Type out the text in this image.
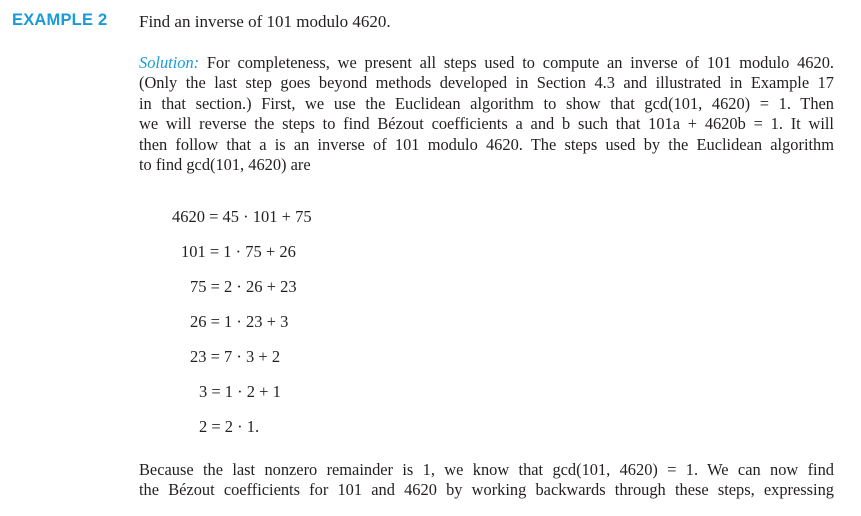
EXAMPLE 2 Find an inverse of 101 modulo 4620.
Solution: For completeness, we present all steps used to compute an inverse of 101 modulo 4620.
(Only the last step goes beyond methods developed in Section 4.3 and illustrated in Example 17
in that section.) First, we use the Euclidean algorithm to show that gcd(101, 4620) = 1. Then
we will reverse the steps to find Bézout coefficients a and b such that 101a + 4620b = 1. It will
then follow that a is an inverse of 101 modulo 4620. The steps used by the Euclidean algorithm
to find gcd(101, 4620) are
4620 = 45 · 101 + 75
101 = 1 · 75 + 26
75 = 2 · 26 + 23
26 = 1 · 23 + 3
23 = 7 · 3 + 2
3 = 1 · 2 + 1
2 = 2 · 1.
Because the last nonzero remainder is 1, we know that gcd(101, 4620) = 1. We can now find
the Bézout coefficients for 101 and 4620 by working backwards through these steps, expressing
